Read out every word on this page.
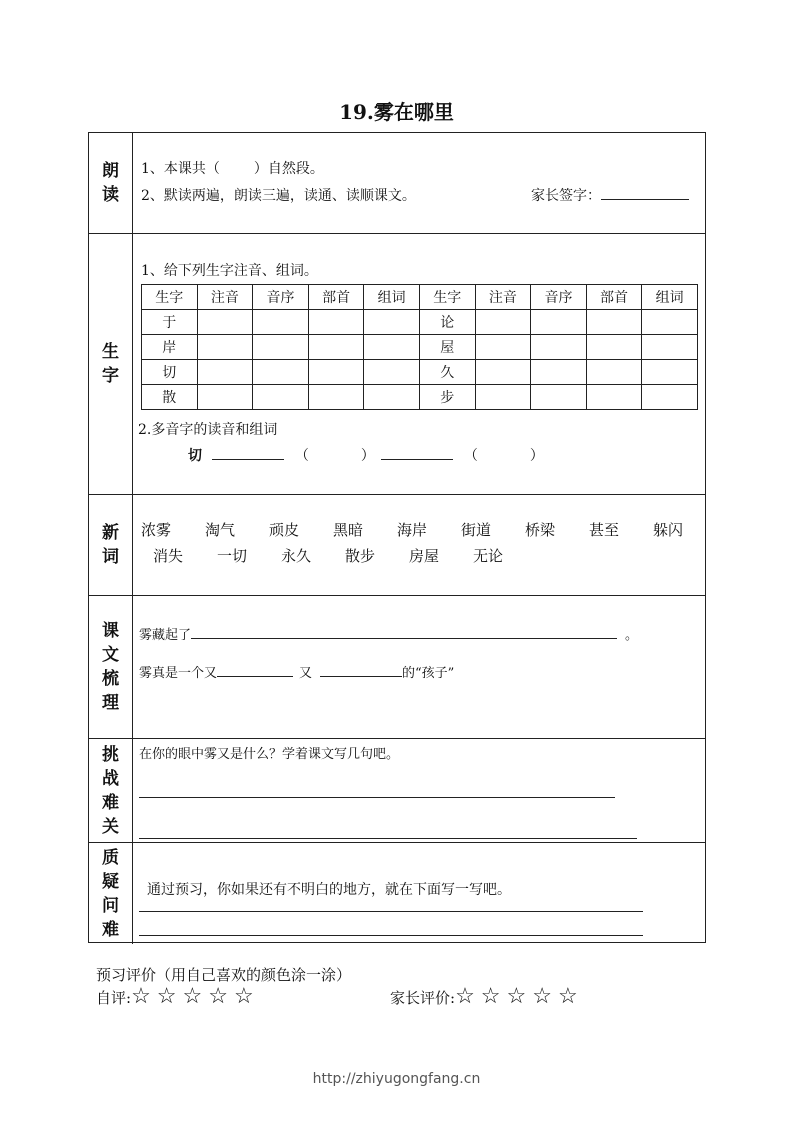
19.雾在哪里
朗
读
1、本课共（ ）自然段。
2、默读两遍，朗读三遍，读通、读顺课文。	家长签字：
生
字
1、给下列生字注音、组词。
生字	注音	音序	部首	组词	生字	注音	音序	部首	组词
于					论				
岸					屋				
切					久				
散					步				
2.多音字的读音和组词
切	（	）	（	）
新
词
浓雾 淘气 顽皮 黑暗 海岸 街道 桥梁 甚至 躲闪
消失 一切 永久 散步 房屋 无论
课
文
梳
理
雾藏起了	。
雾真是一个又	又	的“孩子”
挑
战
难
关
在你的眼中雾又是什么？学着课文写几句吧。
质
疑
问
难
通过预习，你如果还有不明白的地方，就在下面写一写吧。
预习评价（用自己喜欢的颜色涂一涂）
自评:☆☆☆☆☆	家长评价:☆☆☆☆☆
http://zhiyugongfang.cn
